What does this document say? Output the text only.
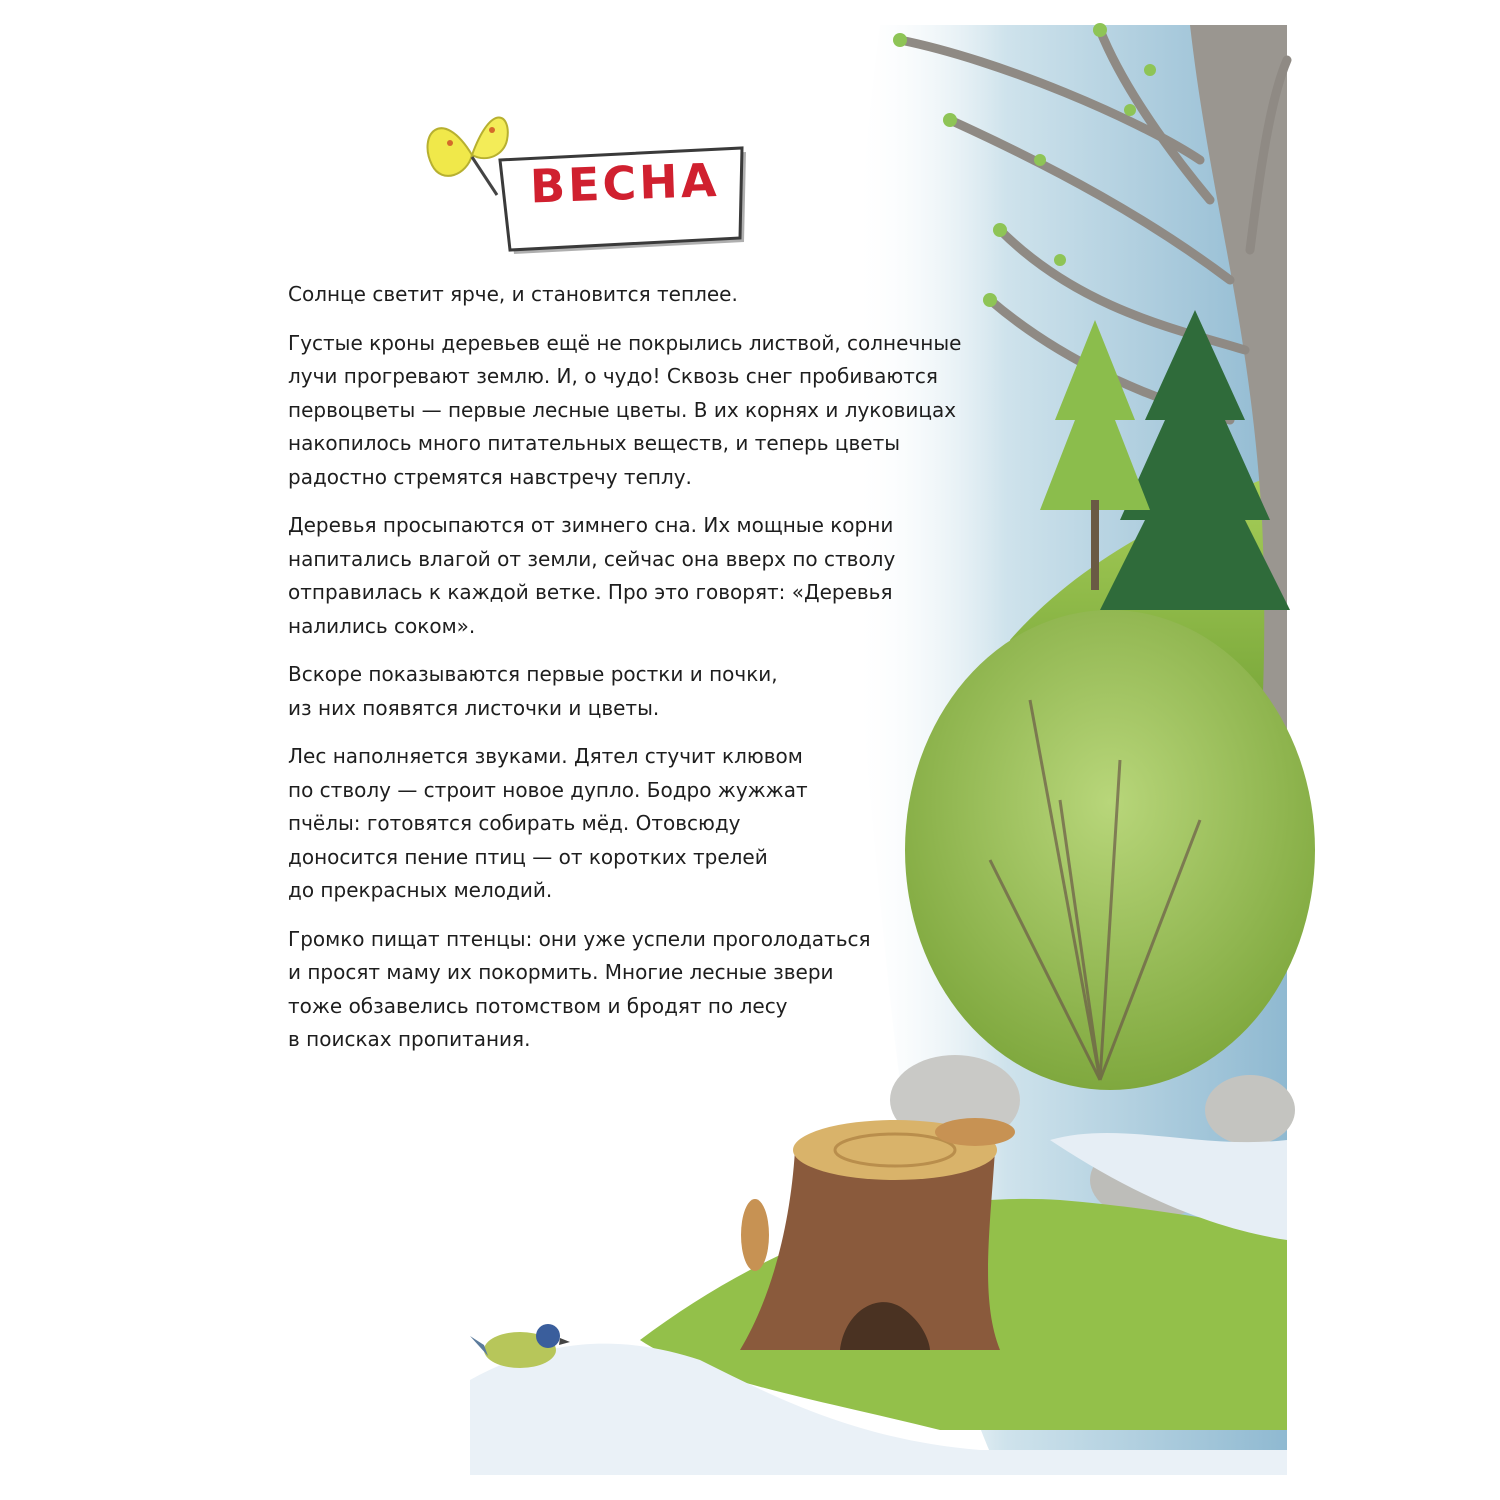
ВЕСНА

Солнце светит ярче, и становится теплее.

Густые кроны деревьев ещё не покрылись листвой, солнечные
лучи прогревают землю. И, о чудо! Сквозь снег пробиваются
первоцветы — первые лесные цветы. В их корнях и луковицах
накопилось много питательных веществ, и теперь цветы
радостно стремятся навстречу теплу.

Деревья просыпаются от зимнего сна. Их мощные корни
напитались влагой от земли, сейчас она вверх по стволу
отправилась к каждой ветке. Про это говорят: «Деревья
налились соком».

Вскоре показываются первые ростки и почки,
из них появятся листочки и цветы.

Лес наполняется звуками. Дятел стучит клювом
по стволу — строит новое дупло. Бодро жужжат
пчёлы: готовятся собирать мёд. Отовсюду
доносится пение птиц — от коротких трелей
до прекрасных мелодий.

Громко пищат птенцы: они уже успели проголодаться
и просят маму их покормить. Многие лесные звери
тоже обзавелись потомством и бродят по лесу
в поисках пропитания.
